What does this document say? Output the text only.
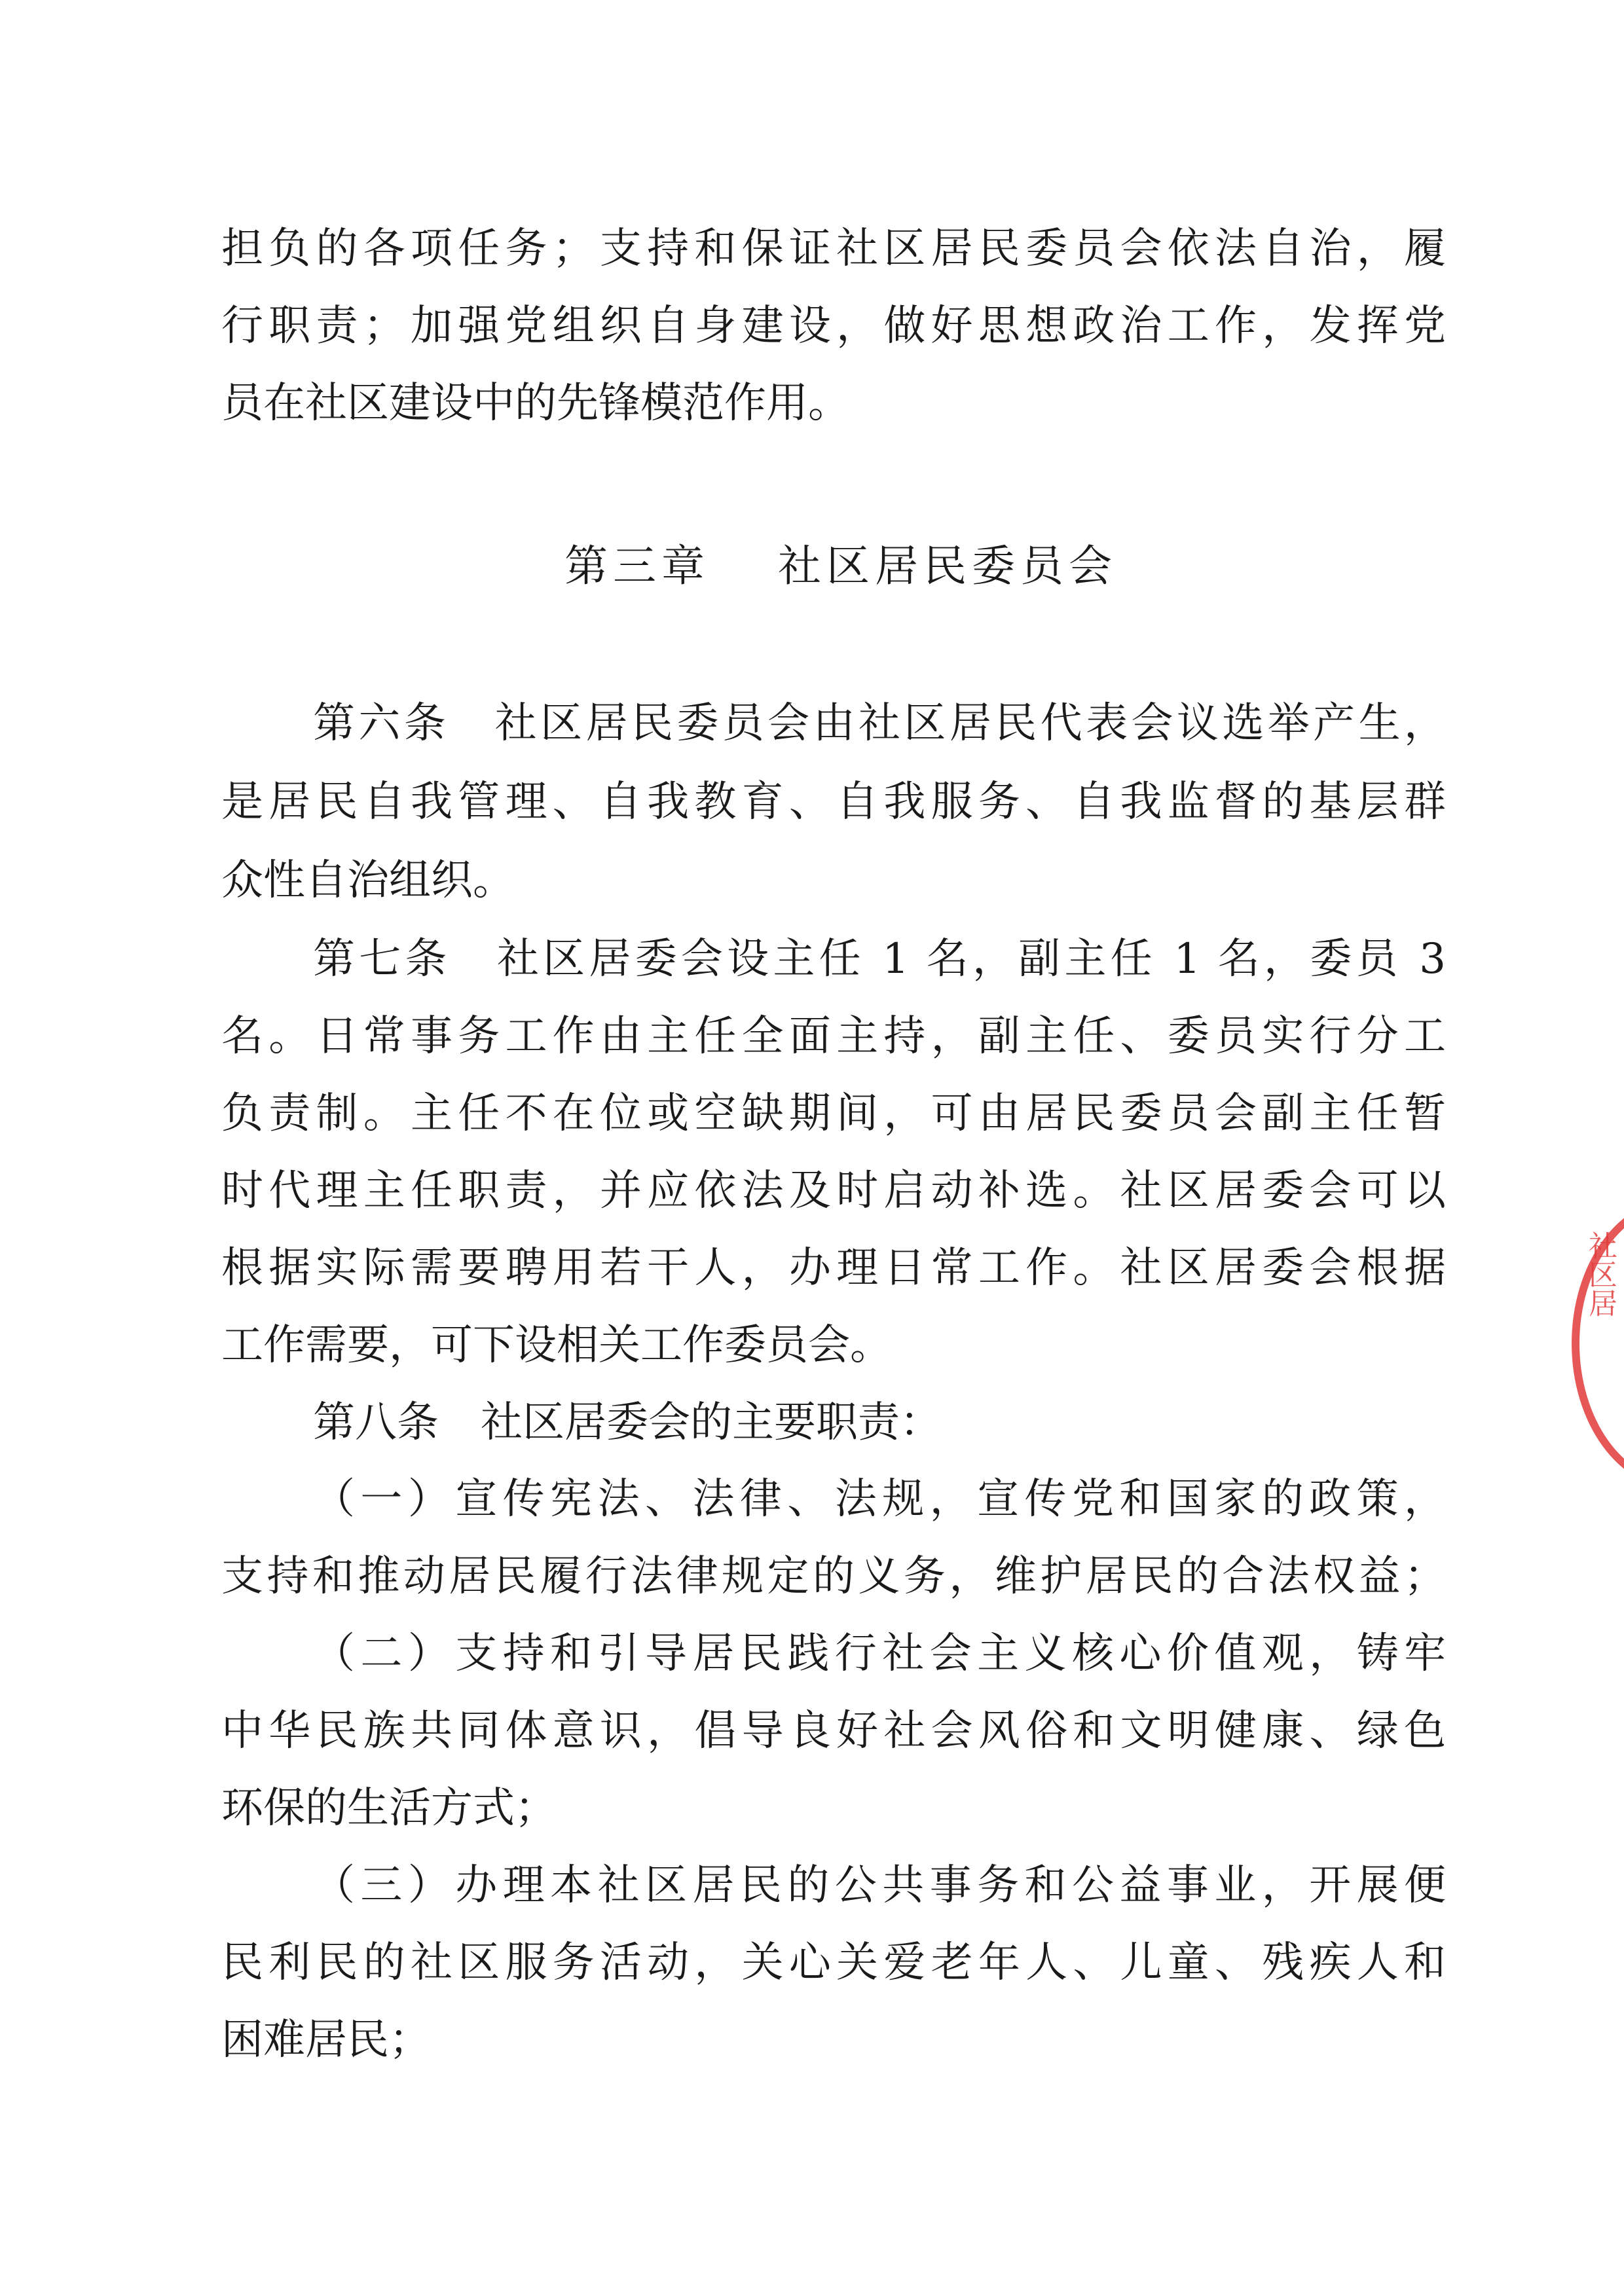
第三章 社区居民委员会
担负的各项任务；支持和保证社区居民委员会依法自治，履
行职责；加强党组织自身建设，做好思想政治工作，发挥党
员在社区建设中的先锋模范作用。
第六条　社区居民委员会由社区居民代表会议选举产生，
是居民自我管理、自我教育、自我服务、自我监督的基层群
众性自治组织。
第七条　社区居委会设主任 1 名，副主任 1 名，委员 3
名。日常事务工作由主任全面主持，副主任、委员实行分工
负责制。主任不在位或空缺期间，可由居民委员会副主任暂
时代理主任职责，并应依法及时启动补选。社区居委会可以
根据实际需要聘用若干人，办理日常工作。社区居委会根据
工作需要，可下设相关工作委员会。
第八条　社区居委会的主要职责：
（一）宣传宪法、法律、法规，宣传党和国家的政策，
支持和推动居民履行法律规定的义务，维护居民的合法权益；
（二）支持和引导居民践行社会主义核心价值观，铸牢
中华民族共同体意识，倡导良好社会风俗和文明健康、绿色
环保的生活方式；
（三）办理本社区居民的公共事务和公益事业，开展便
民利民的社区服务活动，关心关爱老年人、儿童、残疾人和
困难居民；
社区居
